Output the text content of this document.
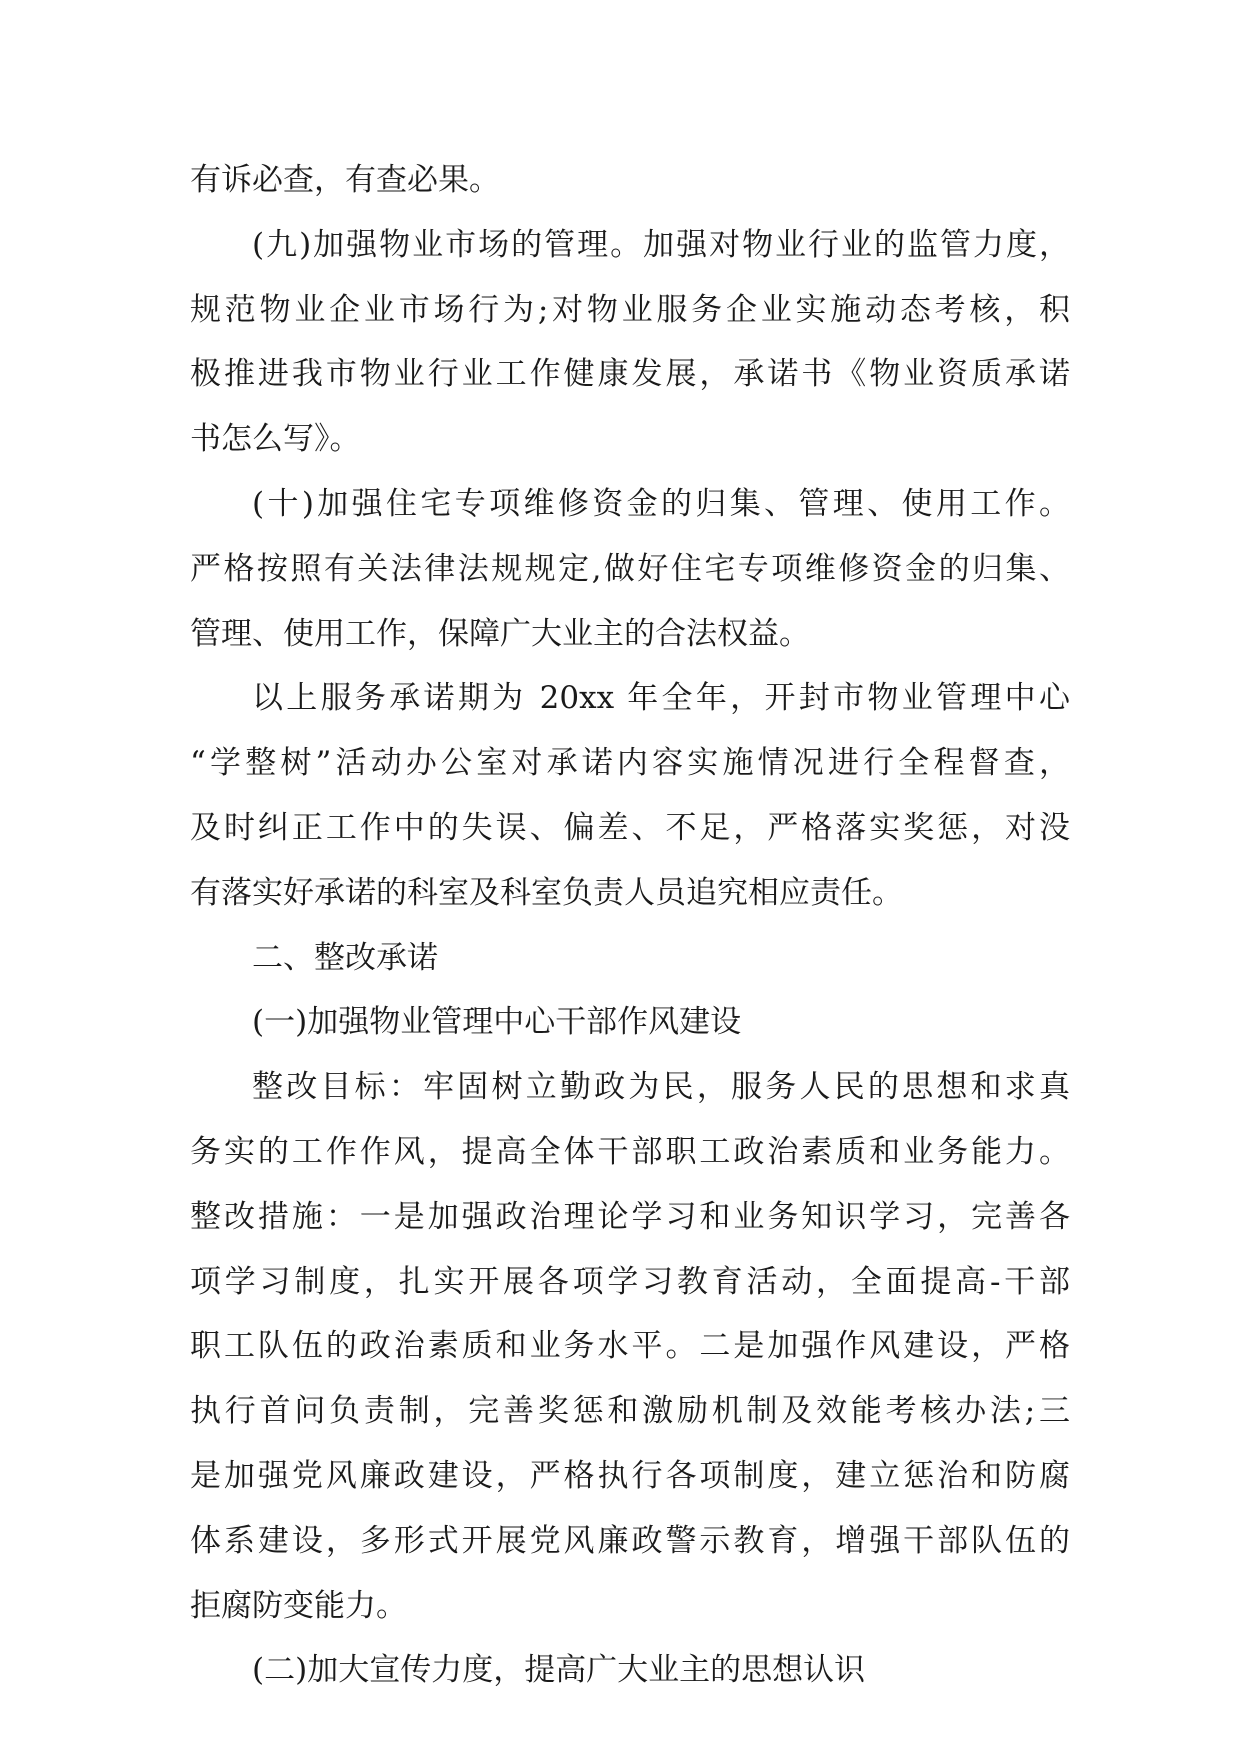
有诉必查，有查必果。
(九)加强物业市场的管理。加强对物业行业的监管力度，
规范物业企业市场行为;对物业服务企业实施动态考核，积
极推进我市物业行业工作健康发展，承诺书《物业资质承诺
书怎么写》。
(十)加强住宅专项维修资金的归集、管理、使用工作。
严格按照有关法律法规规定,做好住宅专项维修资金的归集、
管理、使用工作，保障广大业主的合法权益。
以上服务承诺期为 20xx 年全年，开封市物业管理中心
“学整树”活动办公室对承诺内容实施情况进行全程督查，
及时纠正工作中的失误、偏差、不足，严格落实奖惩，对没
有落实好承诺的科室及科室负责人员追究相应责任。
二、整改承诺
(一)加强物业管理中心干部作风建设
整改目标：牢固树立勤政为民，服务人民的思想和求真
务实的工作作风，提高全体干部职工政治素质和业务能力。
整改措施：一是加强政治理论学习和业务知识学习，完善各
项学习制度，扎实开展各项学习教育活动，全面提高-干部
职工队伍的政治素质和业务水平。二是加强作风建设，严格
执行首问负责制，完善奖惩和激励机制及效能考核办法;三
是加强党风廉政建设，严格执行各项制度，建立惩治和防腐
体系建设，多形式开展党风廉政警示教育，增强干部队伍的
拒腐防变能力。
(二)加大宣传力度，提高广大业主的思想认识
